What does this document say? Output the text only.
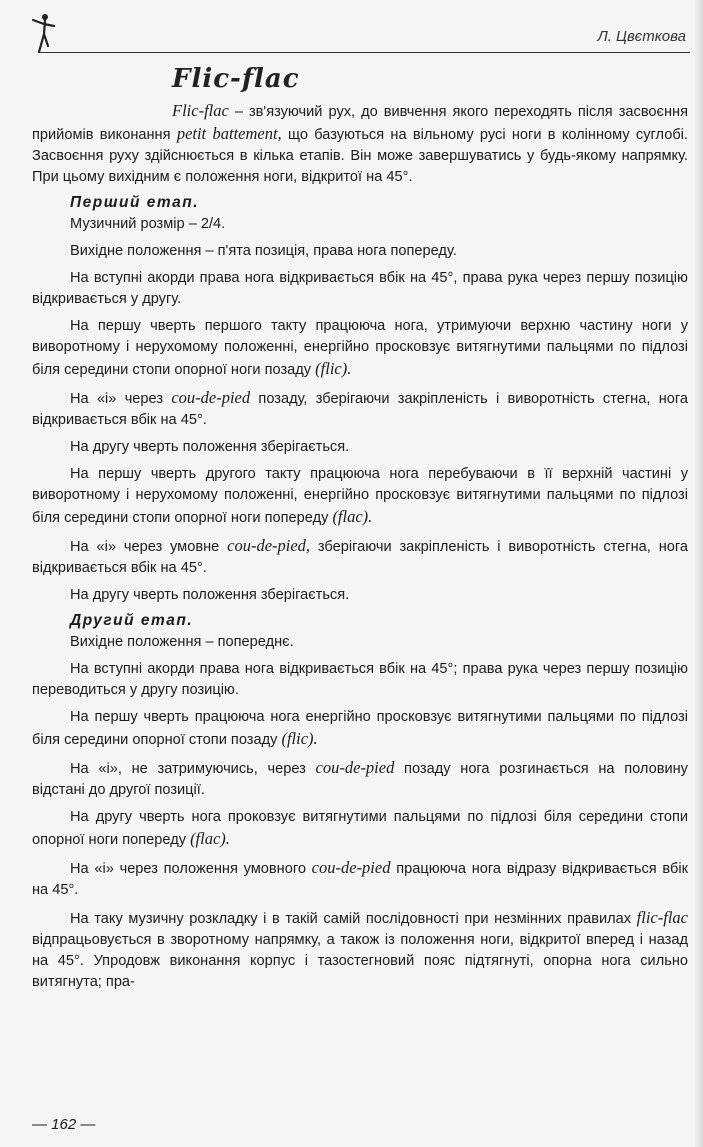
Л. Цвєткова
Flic-flac

Flic-flac – зв'язуючий рух, до вивчення якого переходять після засвоєння прийомів виконання petit battement, що базуються на вільному русі ноги в колінному суглобі. Засвоєння руху здійснюється в кілька етапів. Він може завершуватись у будь-якому напрямку. При цьому вихідним є положення ноги, відкритої на 45°.

Перший етап.
Музичний розмір – 2/4.
Вихідне положення – п'ята позиція, права нога попереду.

На вступні акорди права нога відкривається вбік на 45°, права рука через першу позицію відкривається у другу.

На першу чверть першого такту працююча нога, утримуючи верхню частину ноги у виворотному і нерухомому положенні, енергійно просковзує витягнутими пальцями по підлозі біля середини стопи опорної ноги позаду (flic).

На «і» через cou-de-pied позаду, зберігаючи закріпленість і виворотність стегна, нога відкривається вбік на 45°.

На другу чверть положення зберігається.

На першу чверть другого такту працююча нога перебуваючи в її верхній частині у виворотному і нерухомому положенні, енергійно просковзує витягнутими пальцями по підлозі біля середини стопи опорної ноги попереду (flac).

На «і» через умовне cou-de-pied, зберігаючи закріпленість і виворотність стегна, нога відкривається вбік на 45°.

На другу чверть положення зберігається.

Другий етап.
Вихідне положення – попереднє.

На вступні акорди права нога відкривається вбік на 45°; права рука через першу позицію переводиться у другу позицію.

На першу чверть працююча нога енергійно просковзує витягнутими пальцями по підлозі біля середини опорної стопи позаду (flic).

На «і», не затримуючись, через cou-de-pied позаду нога розгинається на половину відстані до другої позиції.

На другу чверть нога проковзує витягнутими пальцями по підлозі біля середини стопи опорної ноги попереду (flac).

На «і» через положення умовного cou-de-pied працююча нога відразу відкривається вбік на 45°.

На таку музичну розкладку і в такій самій послідовності при незмінних правилах flic-flac відпрацьовується в зворотному напрямку, а також із положення ноги, відкритої вперед і назад на 45°. Упродовж виконання корпус і тазостегновий пояс підтягнуті, опорна нога сильно витягнута; пра-

— 162 —
